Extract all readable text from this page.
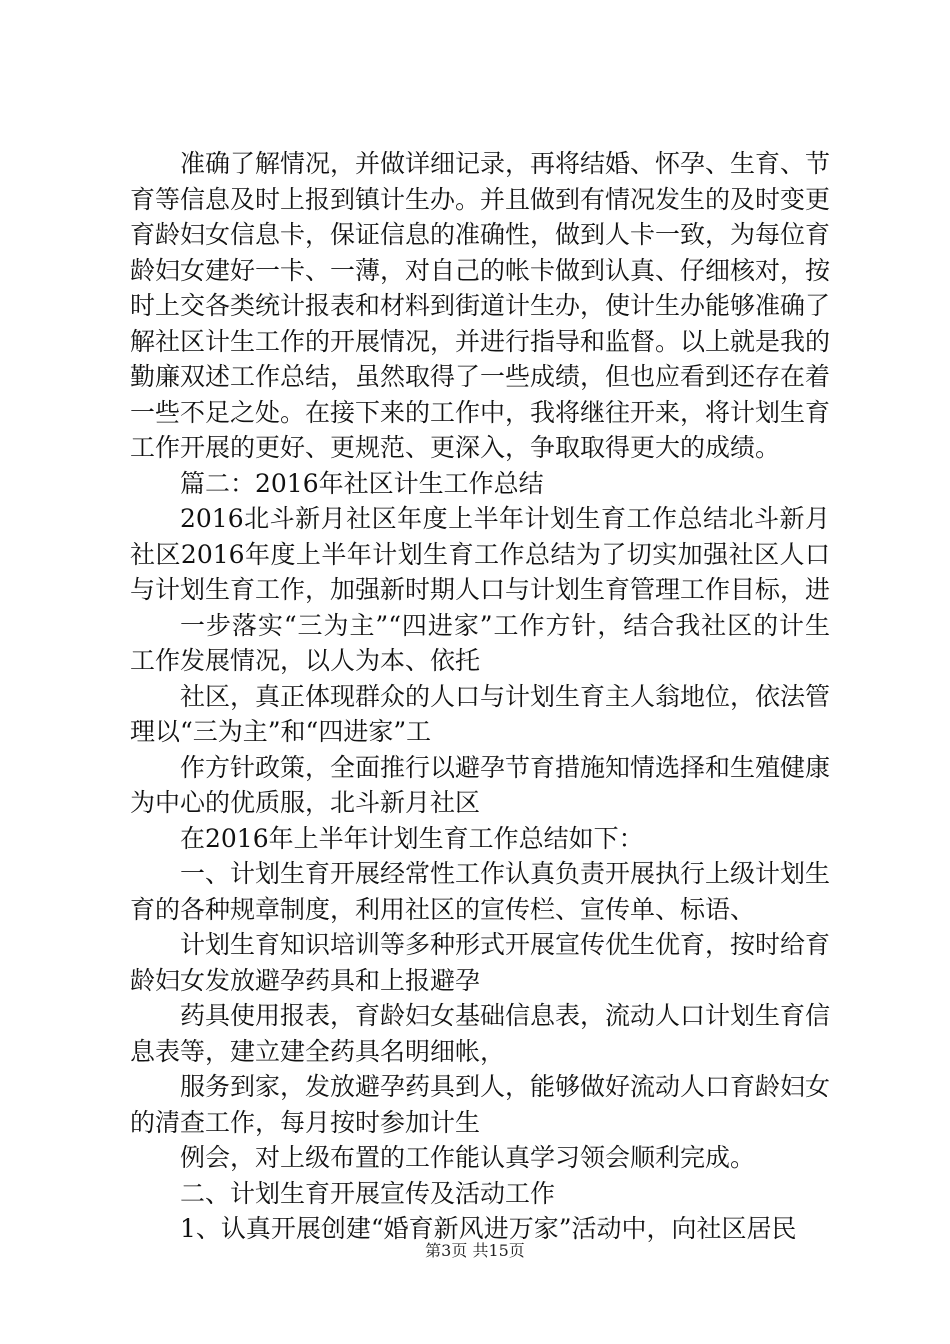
准确了解情况，并做详细记录，再将结婚、怀孕、生育、节育等信息及时上报到镇计生办。并且做到有情况发生的及时变更育龄妇女信息卡，保证信息的准确性，做到人卡一致，为每位育龄妇女建好一卡、一薄，对自己的帐卡做到认真、仔细核对，按时上交各类统计报表和材料到街道计生办，使计生办能够准确了解社区计生工作的开展情况，并进行指导和监督。以上就是我的勤廉双述工作总结，虽然取得了一些成绩，但也应看到还存在着一些不足之处。在接下来的工作中，我将继往开来，将计划生育工作开展的更好、更规范、更深入，争取取得更大的成绩。

篇二：2016年社区计生工作总结

2016北斗新月社区年度上半年计划生育工作总结北斗新月社区2016年度上半年计划生育工作总结为了切实加强社区人口与计划生育工作，加强新时期人口与计划生育管理工作目标，进

一步落实“三为主”“四进家”工作方针，结合我社区的计生工作发展情况，以人为本、依托

社区，真正体现群众的人口与计划生育主人翁地位，依法管理以“三为主”和“四进家”工

作方针政策，全面推行以避孕节育措施知情选择和生殖健康为中心的优质服，北斗新月社区

在2016年上半年计划生育工作总结如下：

一、计划生育开展经常性工作认真负责开展执行上级计划生育的各种规章制度，利用社区的宣传栏、宣传单、标语、

计划生育知识培训等多种形式开展宣传优生优育，按时给育龄妇女发放避孕药具和上报避孕

药具使用报表，育龄妇女基础信息表，流动人口计划生育信息表等，建立建全药具名明细帐，

服务到家，发放避孕药具到人，能够做好流动人口育龄妇女的清查工作，每月按时参加计生

例会，对上级布置的工作能认真学习领会顺利完成。

二、计划生育开展宣传及活动工作

1、认真开展创建“婚育新风进万家”活动中，向社区居民

第3页 共15页
